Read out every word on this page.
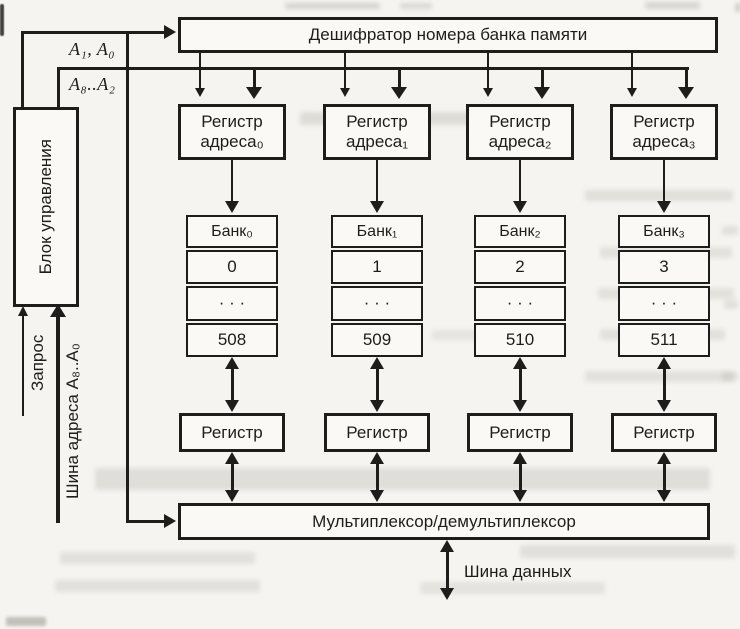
Дешифратор номера банка памяти
Блок управления
A₁, A₀
A₈..A₂
Запрос Шина адреса A₈..A₀
Регистр
адреса₀
Банк₀
0
· · ·
508
Регистр
Регистр
адреса₁
Банк₁
1
· · ·
509
Регистр
Регистр
адреса₂
Банк₂
2
· · ·
510
Регистр
Регистр
адреса₃
Банк₃
3
· · ·
511
Регистр
Мультиплексор/демультиплексор
Шина данных
